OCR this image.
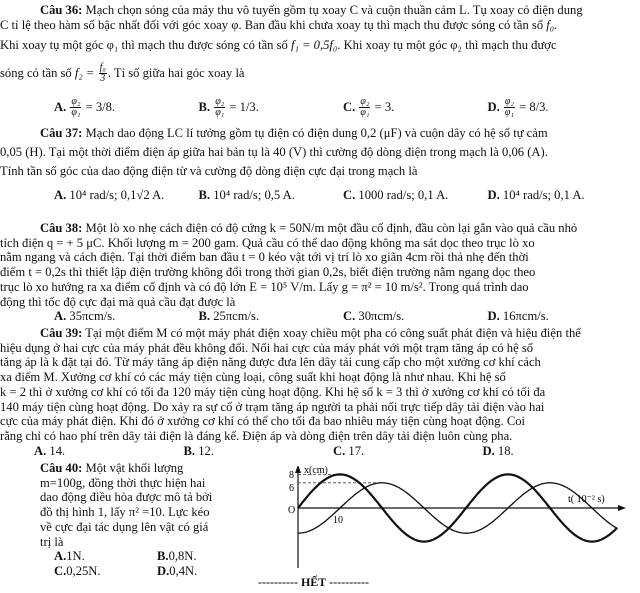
Câu 36: Mạch chọn sóng của máy thu vô tuyến gồm tụ xoay C và cuộn thuần cảm L. Tụ xoay có điện dung
C tỉ lệ theo hàm số bậc nhất đối với góc xoay φ. Ban đầu khi chưa xoay tụ thì mạch thu được sóng có tần số f₀.
Khi xoay tụ một góc φ₁ thì mạch thu được sóng có tần số f₁ = 0,5f₀. Khi xoay tụ một góc φ₂ thì mạch thu được
sóng có tần số $f_2 = \frac{\text{f₀}}{3}$ . Tỉ số giữa hai góc xoay là
A. $\frac{\text{φ₂}}{\text{φ₁}} = 3/8$.	B. $\frac{\text{φ₂}}{\text{φ₁}} = 1/3$.	C. $\frac{\text{φ₂}}{\text{φ₁}} = 3$.	D. $\frac{\text{φ₂}}{\text{φ₁}} = 8/3$.
Câu 37: Mạch dao động LC lí tưởng gồm tụ điện có điện dung 0,2 (μF) và cuộn dây có hệ số tự cảm
0,05 (H). Tại một thời điểm điện áp giữa hai bản tụ là 40 (V) thì cường độ dòng điện trong mạch là 0,06 (A).
Tính tần số góc của dao động điện từ và cường độ dòng điện cực đại trong mạch là
A. 10⁴ rad/s; 0,1√2 A.	B. 10⁴ rad/s; 0,5 A.	C. 1000 rad/s; 0,1 A.	D. 10⁴ rad/s; 0,1 A.
Câu 38: Một lò xo nhẹ cách điện có độ cứng k = 50N/m một đầu cố định, đầu còn lại gắn vào quả cầu nhỏ
tích điện q = + 5 μC. Khối lượng m = 200 gam. Quả cầu có thể dao động không ma sát dọc theo trục lò xo
nằm ngang và cách điện. Tại thời điểm ban đầu t = 0 kéo vật tới vị trí lò xo giãn 4cm rồi thả nhẹ đến thời
điểm t = 0,2s thì thiết lập điện trường không đổi trong thời gian 0,2s, biết điện trường nằm ngang dọc theo
trục lò xo hướng ra xa điểm cố định và có độ lớn E = 10⁵ V/m. Lấy g = π² = 10 m/s². Trong quá trình dao
động thì tốc độ cực đại mà quả cầu đạt được là
A. 35πcm/s.	B. 25πcm/s.	C. 30πcm/s.	D. 16πcm/s.
Câu 39: Tại một điểm M có một máy phát điện xoay chiều một pha có công suất phát điện và hiệu điện thế
hiệu dụng ở hai cực của máy phát đều không đổi. Nối hai cực của máy phát với một trạm tăng áp có hệ số
tăng áp là k đặt tại đó. Từ máy tăng áp điện năng được đưa lên dây tải cung cấp cho một xưởng cơ khí cách
xa điểm M. Xưởng cơ khí có các máy tiện cùng loại, công suất khi hoạt động là như nhau. Khi hệ số
k = 2 thì ở xưởng cơ khí có tối đa 120 máy tiện cùng hoạt động. Khi hệ số k = 3 thì ở xưởng cơ khí có tối đa
140 máy tiện cùng hoạt động. Do xảy ra sự cố ở trạm tăng áp người ta phải nối trực tiếp dây tải điện vào hai
cực của máy phát điện. Khi đó ở xưởng cơ khí có thể cho tối đa bao nhiêu máy tiện cùng hoạt động. Coi
rằng chỉ có hao phí trên dây tải điện là đáng kể. Điện áp và dòng điện trên dây tải điện luôn cùng pha.
A. 14.	B. 12.	C. 17.	D. 18.
Câu 40: Một vật khối lượng
m=100g, đồng thời thực hiện hai
dao động điều hòa được mô tả bởi
đồ thị hình 1, lấy π² =10. Lực kéo
về cực đại tác dụng lên vật có giá
trị là
A.1N.	B.0,8N.
C.0,25N.	D.0,4N.
x(cm)
t( 10⁻² s)
8
6
O
10
---------- HẾT ----------
